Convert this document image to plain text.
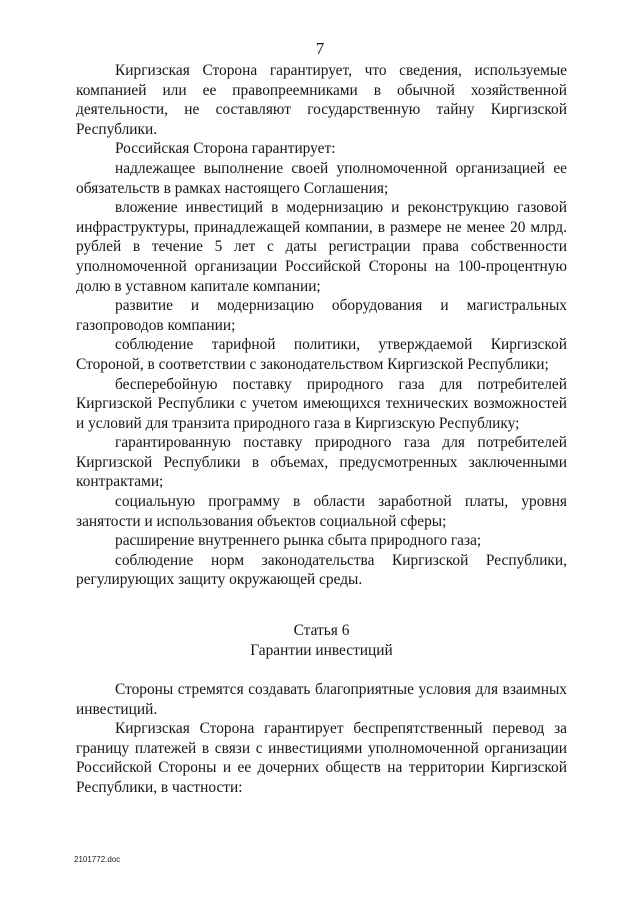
7

Киргизская Сторона гарантирует, что сведения, используемые компанией или ее правопреемниками в обычной хозяйственной деятельности, не составляют государственную тайну Киргизской Республики.

Российская Сторона гарантирует:

надлежащее выполнение своей уполномоченной организацией ее обязательств в рамках настоящего Соглашения;

вложение инвестиций в модернизацию и реконструкцию газовой инфраструктуры, принадлежащей компании, в размере не менее 20 млрд. рублей в течение 5 лет с даты регистрации права собственности уполномоченной организации Российской Стороны на 100-процентную долю в уставном капитале компании;

развитие и модернизацию оборудования и магистральных газопроводов компании;

соблюдение тарифной политики, утверждаемой Киргизской Стороной, в соответствии с законодательством Киргизской Республики;

бесперебойную поставку природного газа для потребителей Киргизской Республики с учетом имеющихся технических возможностей и условий для транзита природного газа в Киргизскую Республику;

гарантированную поставку природного газа для потребителей Киргизской Республики в объемах, предусмотренных заключенными контрактами;

социальную программу в области заработной платы, уровня занятости и использования объектов социальной сферы;

расширение внутреннего рынка сбыта природного газа;

соблюдение норм законодательства Киргизской Республики, регулирующих защиту окружающей среды.

Статья 6
Гарантии инвестиций

Стороны стремятся создавать благоприятные условия для взаимных инвестиций.

Киргизская Сторона гарантирует беспрепятственный перевод за границу платежей в связи с инвестициями уполномоченной организации Российской Стороны и ее дочерних обществ на территории Киргизской Республики, в частности:

2101772.doc
